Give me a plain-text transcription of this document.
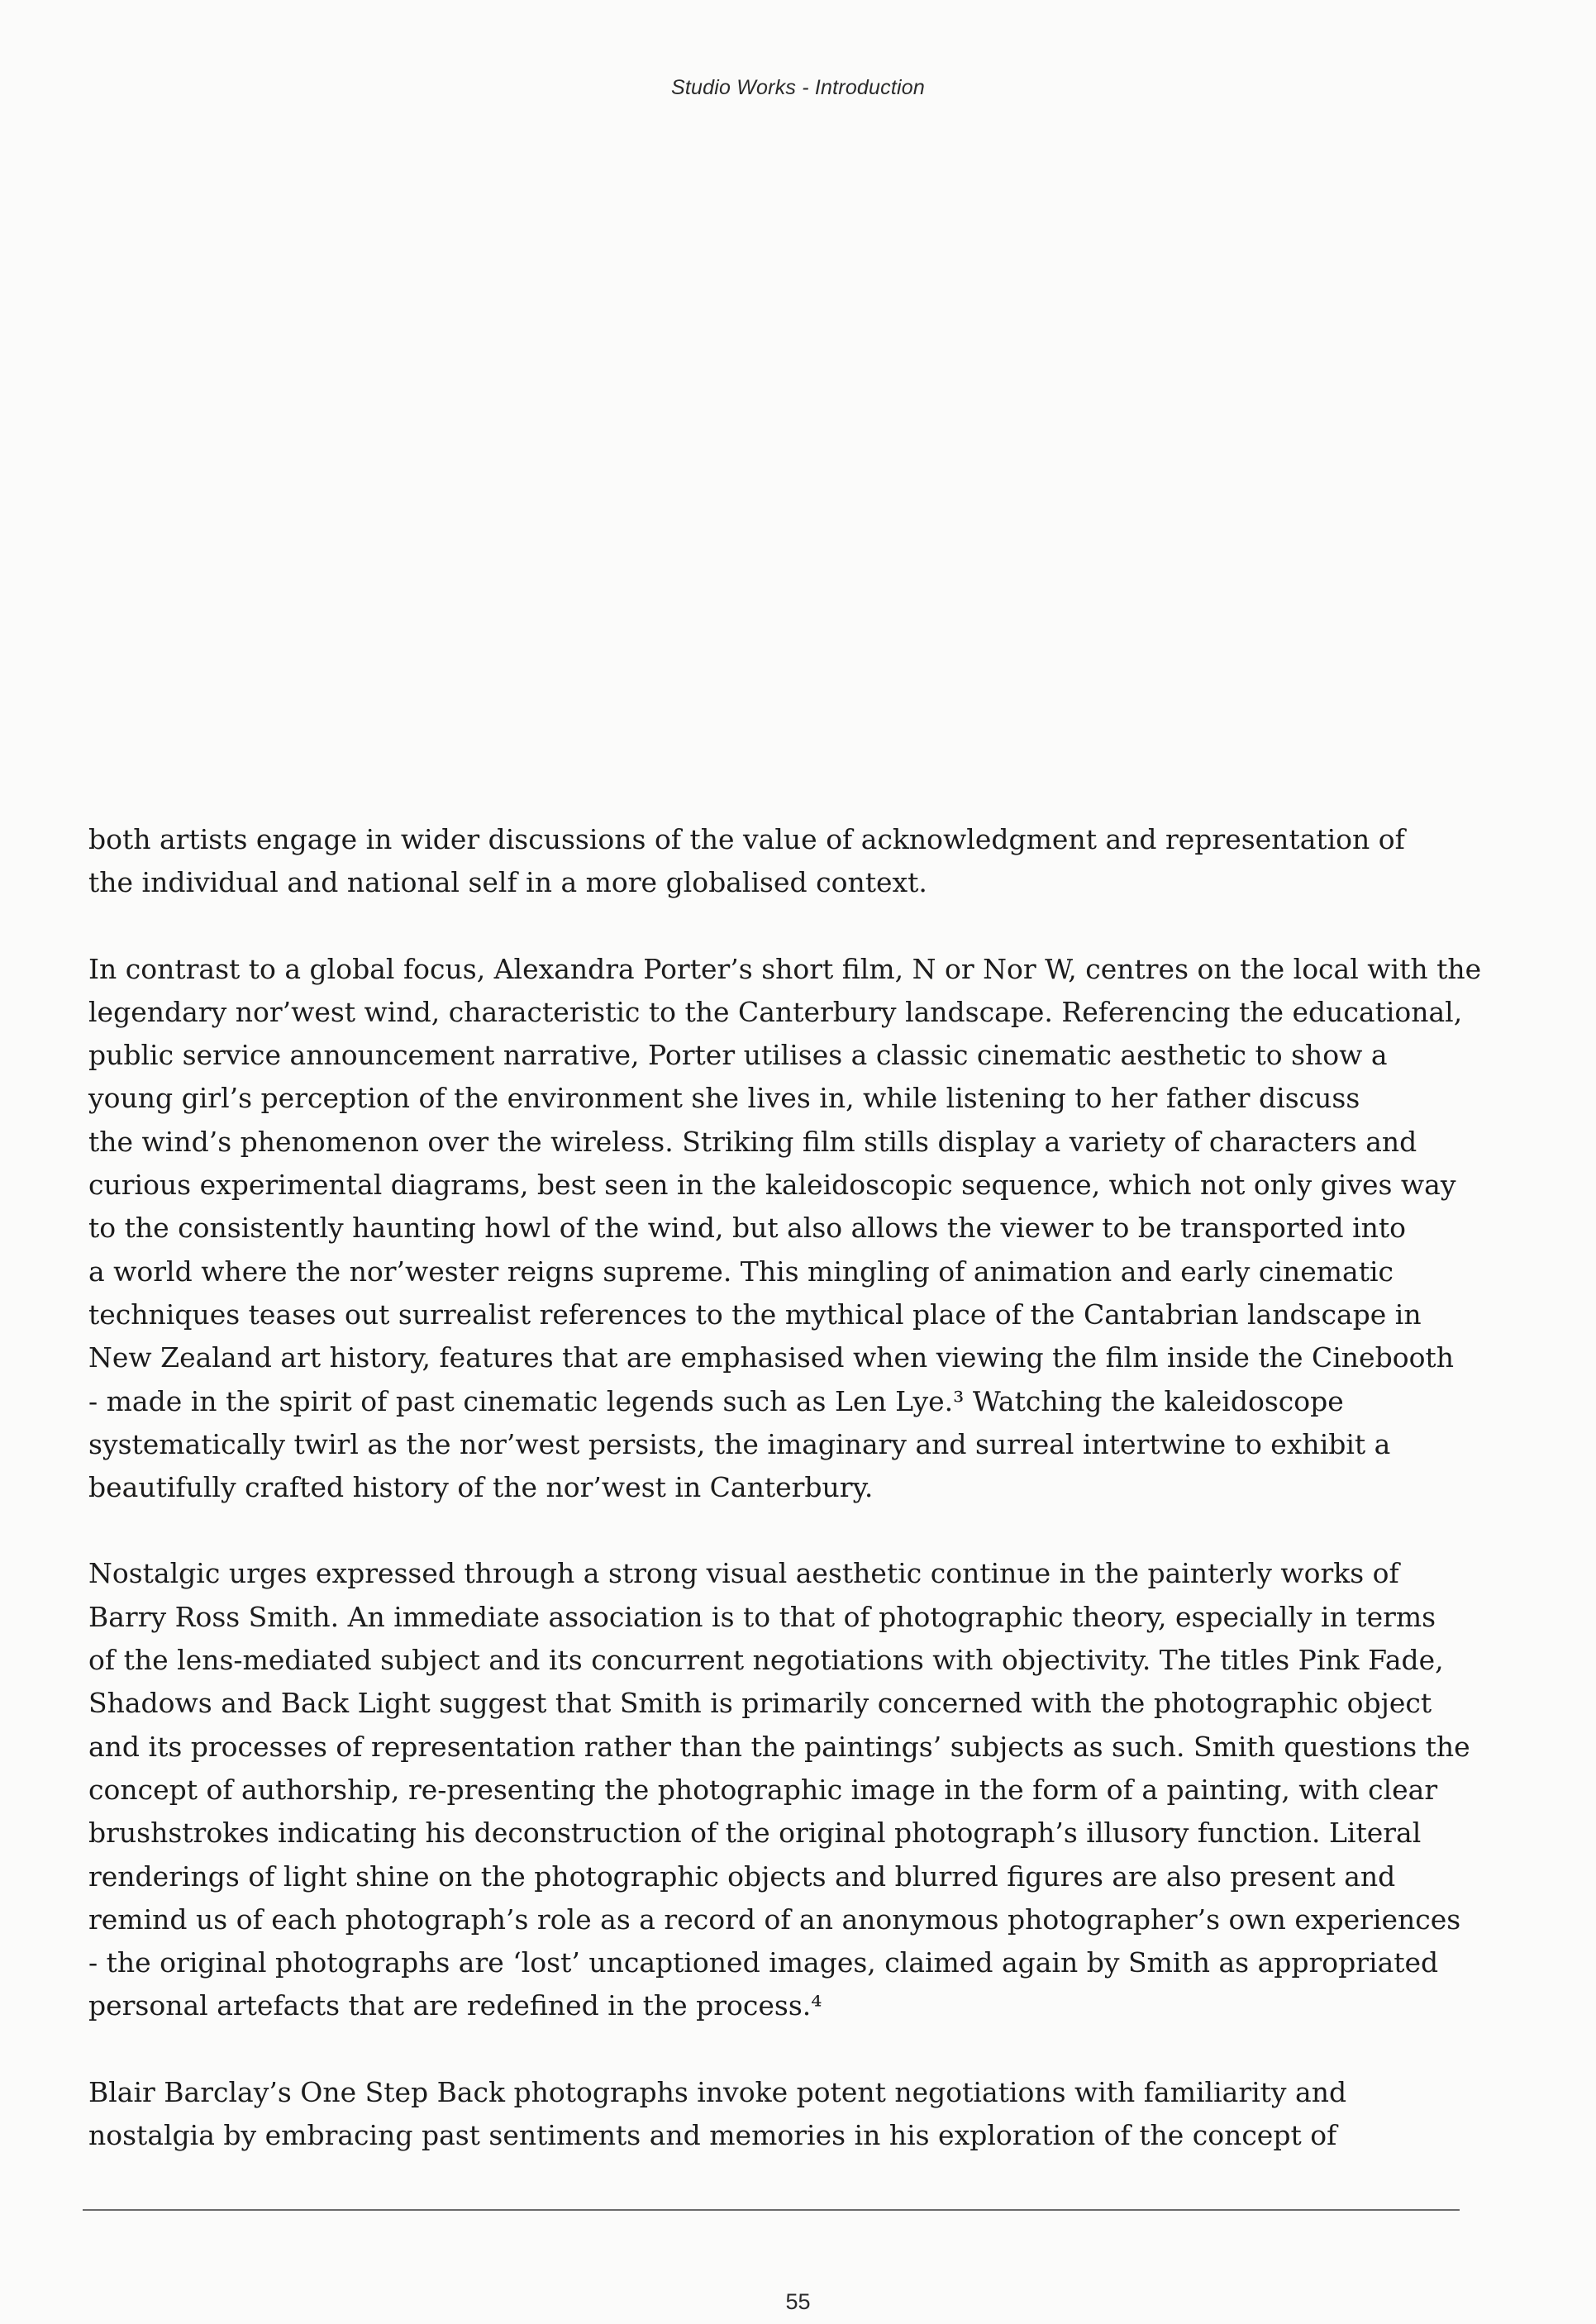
Studio Works - Introduction

both artists engage in wider discussions of the value of acknowledgment and representation of
the individual and national self in a more globalised context.

In contrast to a global focus, Alexandra Porter’s short film, N or Nor W, centres on the local with the
legendary nor’west wind, characteristic to the Canterbury landscape. Referencing the educational,
public service announcement narrative, Porter utilises a classic cinematic aesthetic to show a
young girl’s perception of the environment she lives in, while listening to her father discuss
the wind’s phenomenon over the wireless. Striking film stills display a variety of characters and
curious experimental diagrams, best seen in the kaleidoscopic sequence, which not only gives way
to the consistently haunting howl of the wind, but also allows the viewer to be transported into
a world where the nor’wester reigns supreme. This mingling of animation and early cinematic
techniques teases out surrealist references to the mythical place of the Cantabrian landscape in
New Zealand art history, features that are emphasised when viewing the film inside the Cinebooth
- made in the spirit of past cinematic legends such as Len Lye.³ Watching the kaleidoscope
systematically twirl as the nor’west persists, the imaginary and surreal intertwine to exhibit a
beautifully crafted history of the nor’west in Canterbury.

Nostalgic urges expressed through a strong visual aesthetic continue in the painterly works of
Barry Ross Smith. An immediate association is to that of photographic theory, especially in terms
of the lens-mediated subject and its concurrent negotiations with objectivity. The titles Pink Fade,
Shadows and Back Light suggest that Smith is primarily concerned with the photographic object
and its processes of representation rather than the paintings’ subjects as such. Smith questions the
concept of authorship, re-presenting the photographic image in the form of a painting, with clear
brushstrokes indicating his deconstruction of the original photograph’s illusory function. Literal
renderings of light shine on the photographic objects and blurred figures are also present and
remind us of each photograph’s role as a record of an anonymous photographer’s own experiences
- the original photographs are ‘lost’ uncaptioned images, claimed again by Smith as appropriated
personal artefacts that are redefined in the process.⁴

Blair Barclay’s One Step Back photographs invoke potent negotiations with familiarity and
nostalgia by embracing past sentiments and memories in his exploration of the concept of

55
